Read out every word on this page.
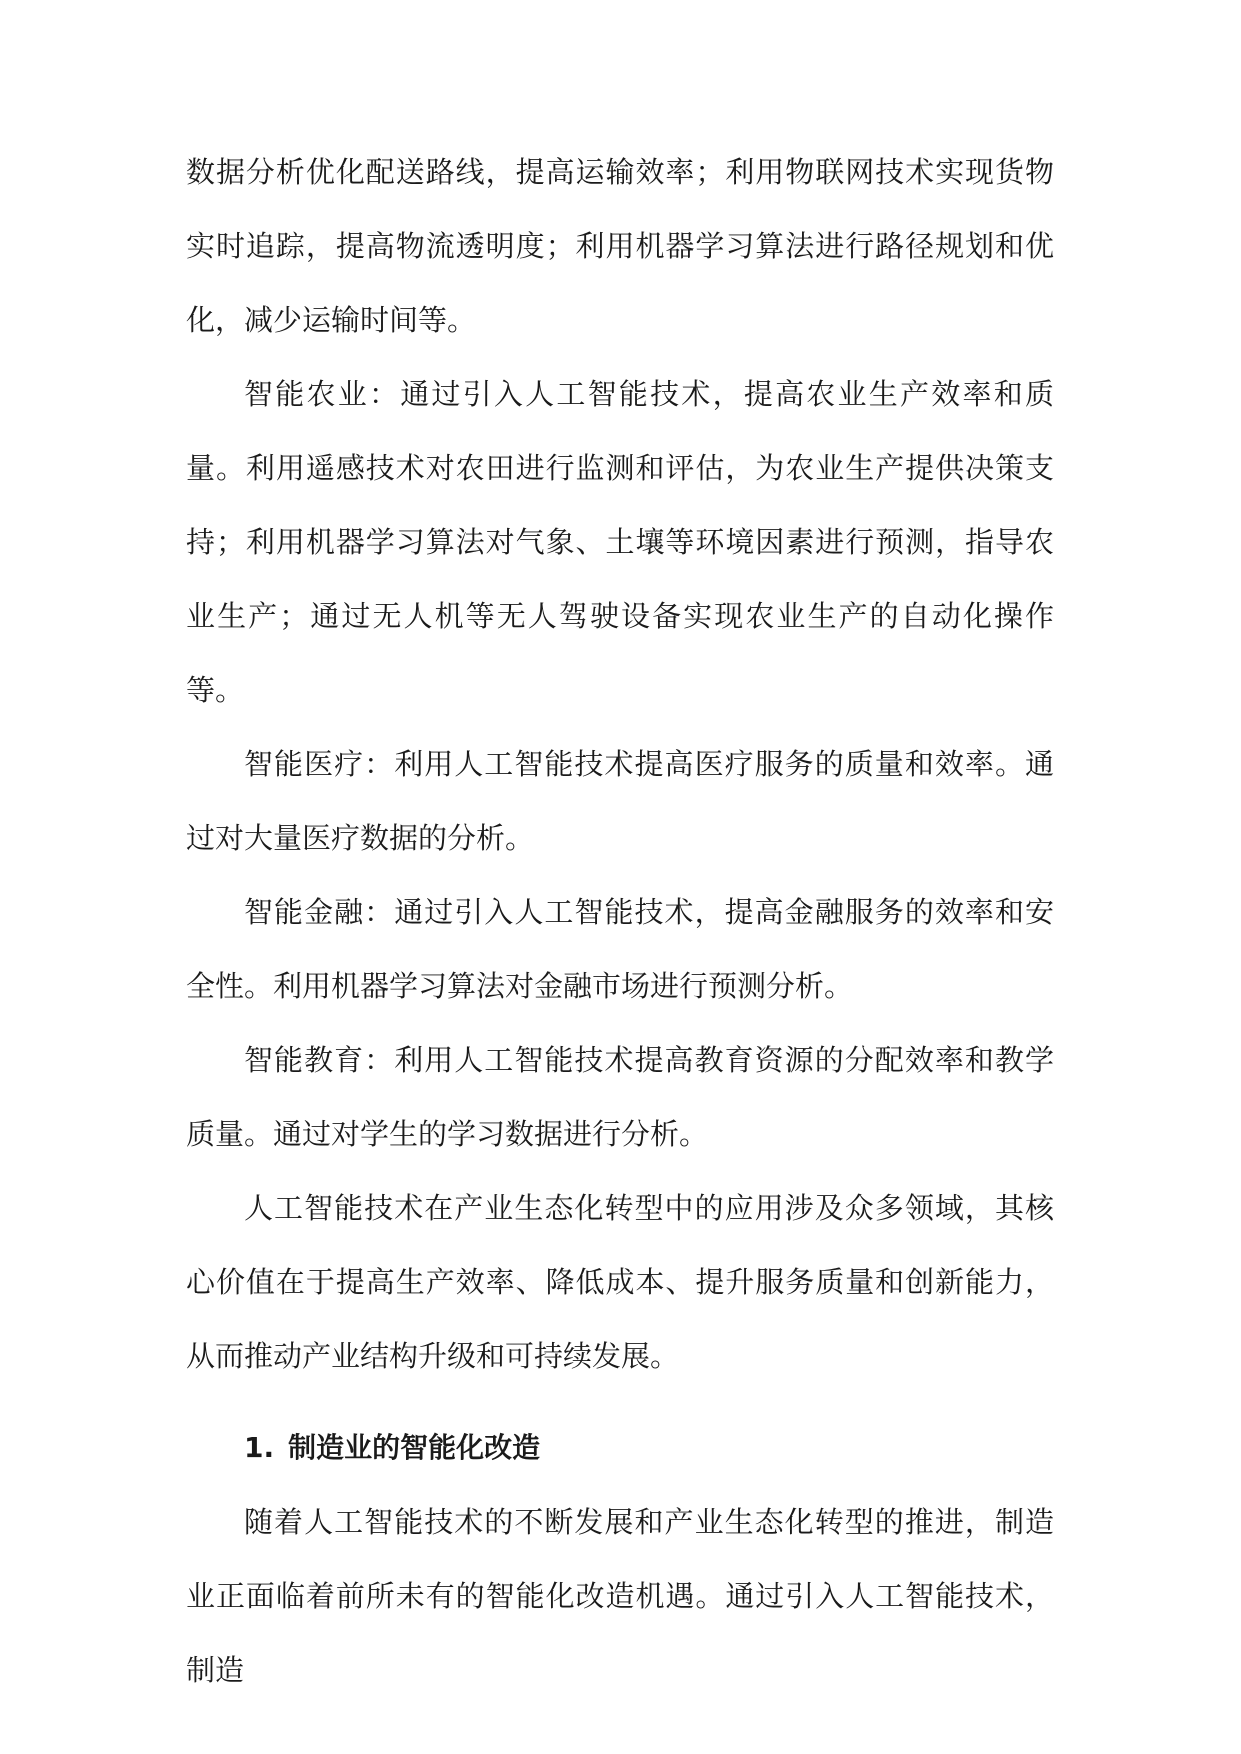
数据分析优化配送路线，提高运输效率；利用物联网技术实现货物实时追踪，提高物流透明度；利用机器学习算法进行路径规划和优化，减少运输时间等。

智能农业：通过引入人工智能技术，提高农业生产效率和质量。利用遥感技术对农田进行监测和评估，为农业生产提供决策支持；利用机器学习算法对气象、土壤等环境因素进行预测，指导农业生产；通过无人机等无人驾驶设备实现农业生产的自动化操作等。

智能医疗：利用人工智能技术提高医疗服务的质量和效率。通过对大量医疗数据的分析。

智能金融：通过引入人工智能技术，提高金融服务的效率和安全性。利用机器学习算法对金融市场进行预测分析。

智能教育：利用人工智能技术提高教育资源的分配效率和教学质量。通过对学生的学习数据进行分析。

人工智能技术在产业生态化转型中的应用涉及众多领域，其核心价值在于提高生产效率、降低成本、提升服务质量和创新能力，从而推动产业结构升级和可持续发展。

1. 制造业的智能化改造

随着人工智能技术的不断发展和产业生态化转型的推进，制造业正面临着前所未有的智能化改造机遇。通过引入人工智能技术，制造
